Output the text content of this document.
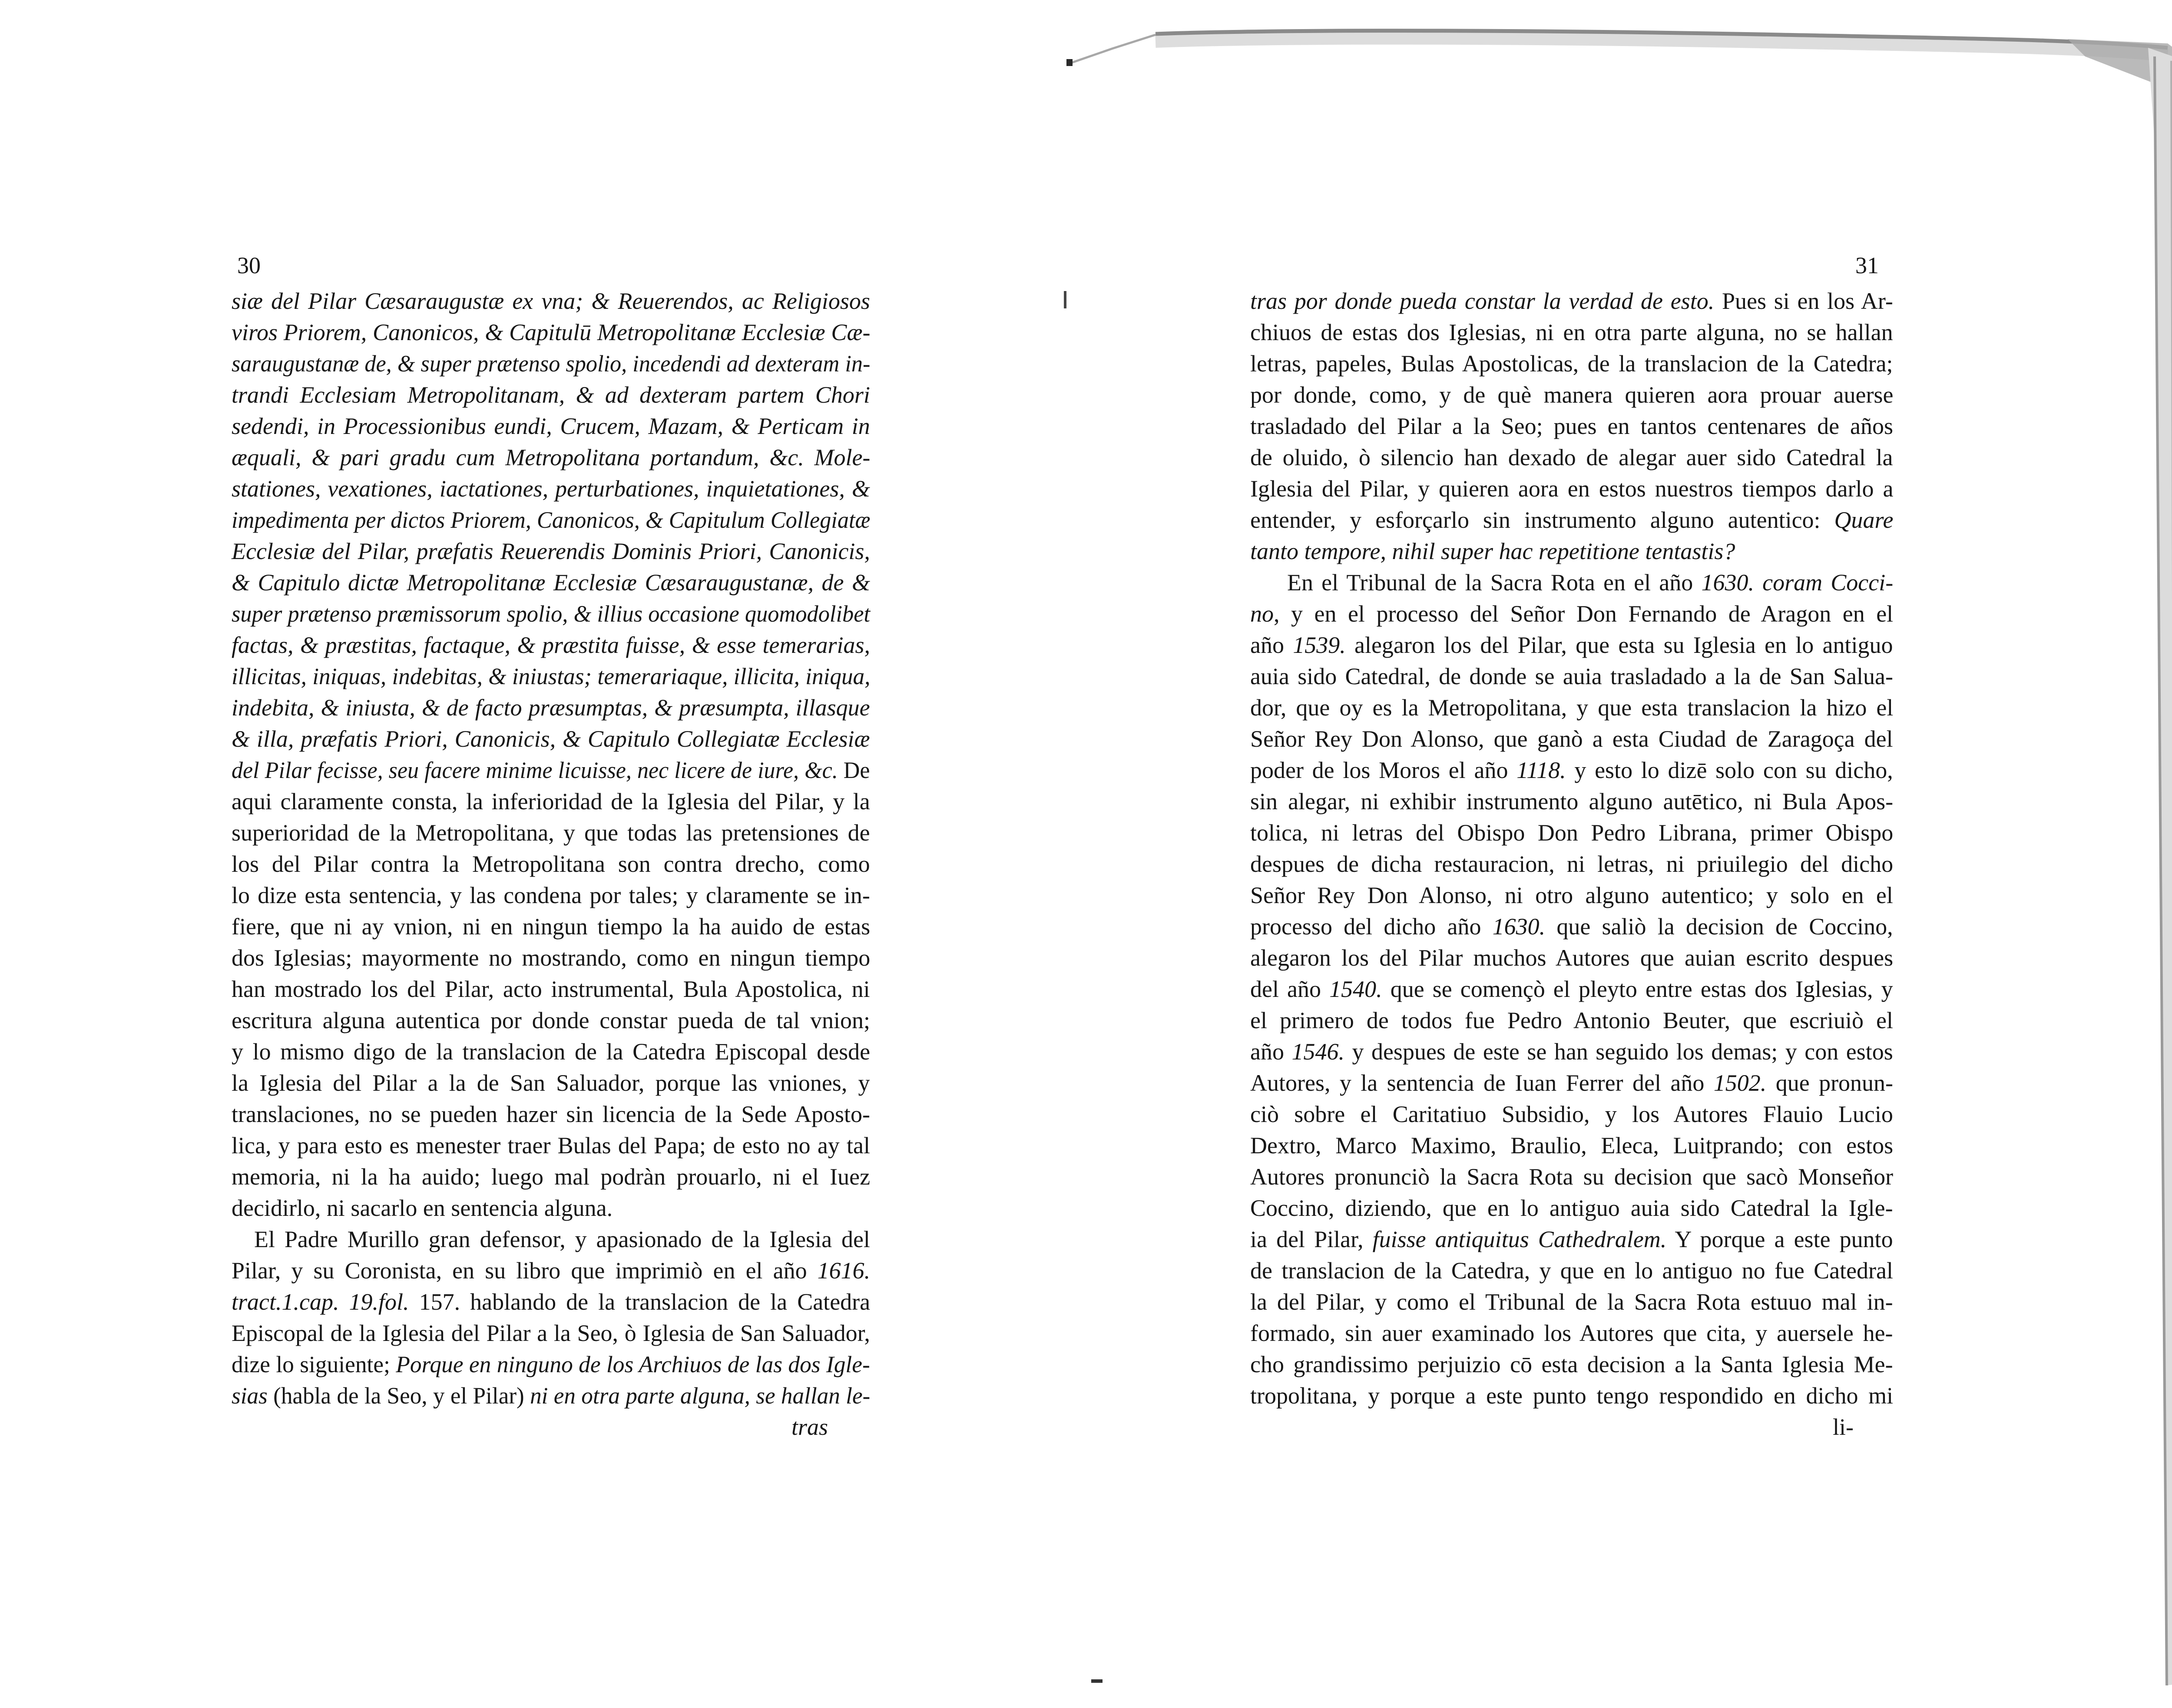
30
siæ del Pilar Cæsaraugustæ ex vna; & Reuerendos, ac Religiosos
viros Priorem, Canonicos, & Capitulū Metropolitanæ Ecclesiæ Cæ-
saraugustanæ de, & super prætenso spolio, incedendi ad dexteram in-
trandi Ecclesiam Metropolitanam, & ad dexteram partem Chori
sedendi, in Processionibus eundi, Crucem, Mazam, & Perticam in
æquali, & pari gradu cum Metropolitana portandum, &c. Mole-
stationes, vexationes, iactationes, perturbationes, inquietationes, &
impedimenta per dictos Priorem, Canonicos, & Capitulum Collegiatæ
Ecclesiæ del Pilar, præfatis Reuerendis Dominis Priori, Canonicis,
& Capitulo dictæ Metropolitanæ Ecclesiæ Cæsaraugustanæ, de &
super prætenso præmissorum spolio, & illius occasione quomodolibet
factas, & præstitas, factaque, & præstita fuisse, & esse temerarias,
illicitas, iniquas, indebitas, & iniustas; temerariaque, illicita, iniqua,
indebita, & iniusta, & de facto præsumptas, & præsumpta, illasque
& illa, præfatis Priori, Canonicis, & Capitulo Collegiatæ Ecclesiæ
del Pilar fecisse, seu facere minime licuisse, nec licere de iure, &c. De
aqui claramente consta, la inferioridad de la Iglesia del Pilar, y la
superioridad de la Metropolitana, y que todas las pretensiones de
los del Pilar contra la Metropolitana son contra drecho, como
lo dize esta sentencia, y las condena por tales; y claramente se in-
fiere, que ni ay vnion, ni en ningun tiempo la ha auido de estas
dos Iglesias; mayormente no mostrando, como en ningun tiempo
han mostrado los del Pilar, acto instrumental, Bula Apostolica, ni
escritura alguna autentica por donde constar pueda de tal vnion;
y lo mismo digo de la translacion de la Catedra Episcopal desde
la Iglesia del Pilar a la de San Saluador, porque las vniones, y
translaciones, no se pueden hazer sin licencia de la Sede Aposto-
lica, y para esto es menester traer Bulas del Papa; de esto no ay tal
memoria, ni la ha auido; luego mal podràn prouarlo, ni el Iuez
decidirlo, ni sacarlo en sentencia alguna.
El Padre Murillo gran defensor, y apasionado de la Iglesia del
Pilar, y su Coronista, en su libro que imprimiò en el año 1616.
tract.1.cap. 19.fol. 157. hablando de la translacion de la Catedra
Episcopal de la Iglesia del Pilar a la Seo, ò Iglesia de San Saluador,
dize lo siguiente; Porque en ninguno de los Archiuos de las dos Igle-
sias (habla de la Seo, y el Pilar) ni en otra parte alguna, se hallan le-
tras
31
tras por donde pueda constar la verdad de esto. Pues si en los Ar-
chiuos de estas dos Iglesias, ni en otra parte alguna, no se hallan
letras, papeles, Bulas Apostolicas, de la translacion de la Catedra;
por donde, como, y de què manera quieren aora prouar auerse
trasladado del Pilar a la Seo; pues en tantos centenares de años
de oluido, ò silencio han dexado de alegar auer sido Catedral la
Iglesia del Pilar, y quieren aora en estos nuestros tiempos darlo a
entender, y esforçarlo sin instrumento alguno autentico: Quare
tanto tempore, nihil super hac repetitione tentastis?
En el Tribunal de la Sacra Rota en el año 1630. coram Cocci-
no, y en el processo del Señor Don Fernando de Aragon en el
año 1539. alegaron los del Pilar, que esta su Iglesia en lo antiguo
auia sido Catedral, de donde se auia trasladado a la de San Salua-
dor, que oy es la Metropolitana, y que esta translacion la hizo el
Señor Rey Don Alonso, que ganò a esta Ciudad de Zaragoça del
poder de los Moros el año 1118. y esto lo dizē solo con su dicho,
sin alegar, ni exhibir instrumento alguno autētico, ni Bula Apos-
tolica, ni letras del Obispo Don Pedro Librana, primer Obispo
despues de dicha restauracion, ni letras, ni priuilegio del dicho
Señor Rey Don Alonso, ni otro alguno autentico; y solo en el
processo del dicho año 1630. que saliò la decision de Coccino,
alegaron los del Pilar muchos Autores que auian escrito despues
del año 1540. que se començò el pleyto entre estas dos Iglesias, y
el primero de todos fue Pedro Antonio Beuter, que escriuiò el
año 1546. y despues de este se han seguido los demas; y con estos
Autores, y la sentencia de Iuan Ferrer del año 1502. que pronun-
ciò sobre el Caritatiuo Subsidio, y los Autores Flauio Lucio
Dextro, Marco Maximo, Braulio, Eleca, Luitprando; con estos
Autores pronunciò la Sacra Rota su decision que sacò Monseñor
Coccino, diziendo, que en lo antiguo auia sido Catedral la Igle-
ia del Pilar, fuisse antiquitus Cathedralem. Y porque a este punto
de translacion de la Catedra, y que en lo antiguo no fue Catedral
la del Pilar, y como el Tribunal de la Sacra Rota estuuo mal in-
formado, sin auer examinado los Autores que cita, y auersele he-
cho grandissimo perjuizio cō esta decision a la Santa Iglesia Me-
tropolitana, y porque a este punto tengo respondido en dicho mi
li-
